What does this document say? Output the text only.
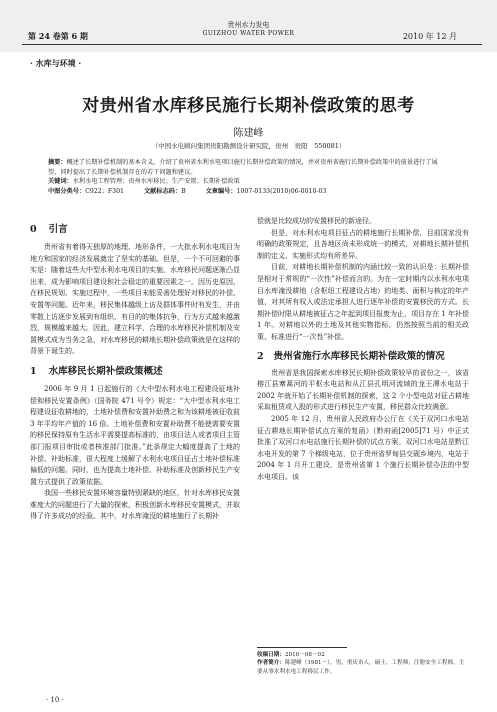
第 24 卷第 6 期
贵州水力发电
GUIZHOU WATER POWER	2010 年 12 月
· 水库与环境 ·
对贵州省水库移民施行长期补偿政策的思考
陈建峰
（中国水电顾问集团贵阳勘测设计研究院，贵州　贵阳　550081）

摘要：概述了长期补偿机制的基本含义，介绍了贵州省水利水电项目施行长期补偿政策的情况，并对贵州省施行长期补偿政策中的前景进行了展望，同时提出了长期补偿机制存在的若干问题和建议。

关键词：水利水电工程管理；贵州水库移民；生产安置；长期补偿政策

中图分类号：C922；F301	文献标志码：B	文章编号：1007-0133(2010)06-0010-03

0 引言

贵州省有着得天独厚的地理、地形条件，一大批水利水电项目为地方和国家的经济发展奠定了坚实的基础。但是，一个不可回避的事实是：随着这些大中型水利水电项目的实施，水库移民问题逐渐凸显出来，成为影响项目建设和社会稳定的重要因素之一。因历史原因，在移民规划、实施过程中，一些项目未能妥善处理好对移民的补偿、安置等问题。近年来，移民集体越级上访及群体事件时有发生，并由零散上访逐步发展到有组织、有目的的集体抗争，行为方式越来越激烈，规模越来越大。因此，建立科学、合理的水库移民补偿机制及安置模式成为当务之急，对水库移民的耕地长期补偿政策就是在这样的背景下诞生的。

1 水库移民长期补偿政策概述

2006 年 9 月 1 日起施行的《大中型水利水电工程建设征地补偿和移民安置条例》（国务院 471 号令）规定：“大中型水利水电工程建设征收耕地的，土地补偿费和安置补助费之和为该耕地被征收前 3 年平均年产值的 16 倍。土地补偿费和安置补助费不能使需要安置的移民保持原有生活水平需要提高标准的，由项目法人或者项目主管部门报项目审批或者核准部门批准。”此条规定大幅度提高了土地的补偿、补助标准，很大程度上缓解了水利水电项目征占土地补偿标准偏低的问题。同时，也为提高土地补偿、补助标准及创新移民生产安置方式提供了政策依据。

我国一些移民安置环境容量特别紧缺的地区，针对水库移民安置难度大的问题进行了大量的探索，积极创新水库移民安置模式，并取得了许多成功的经验。其中，对水库淹没的耕地施行了长期补

偿就是比较成功的安置移民的新途径。

但是，对水利水电项目征占的耕地施行长期补偿，目前国家没有明确的政策规定，且各地区尚未形成统一的模式，对耕地长期补偿机制的定义、实施形式均有所差异。

目前，对耕地长期补偿机制的内涵比较一致的认识是：长期补偿是相对于常规的“一次性”补偿而言的。为在一定时期内以水利水电项目水库淹没耕地（含枢纽工程建设占地）的地类、面积与核定的年产值，对其所有权人或法定承担人进行逐年补偿的安置移民的方式。长期补偿时限从耕地被征占之年起到项目报废为止，项目存在 1 年补偿 1 年。对耕地以外的土地及其他实物指标，仍然按照当前的相关政策、标准进行“一次性”补偿。

2 贵州省施行水库移民长期补偿政策的情况

贵州省是我国探索水库移民长期补偿政策较早的省份之一，该省榕江县寨蒿河的平枢水电站和从江县孔明河流域的龙王潭水电站于 2002 年就开始了长期补偿机制的探索，这 2 个小型电站对征占耕地采取租赁或入股的形式进行移民生产安置，移民群众比较满意。

2005 年 12 月，贵州省人民政府办公厅在《关于双河口水电站征占耕地长期补偿试点方案的复函》（黔府函[2005]71 号）中正式批准了双河口水电站施行长期补偿的试点方案。双河口水电站是黔江水电开发的第 7 个梯级电站，位于贵州省罗甸县交砚乡境内，电站于 2004 年 1 月开工建设，是贵州省第 1 个施行长期补偿办法的中型水电项目。该

收稿日期：2010－08－02

作者简介：陈建峰（1981－），男，重庆市人，硕士，工程师，注册安全工程师，主要从事水利水电工程移民工作。

· 10 ·
